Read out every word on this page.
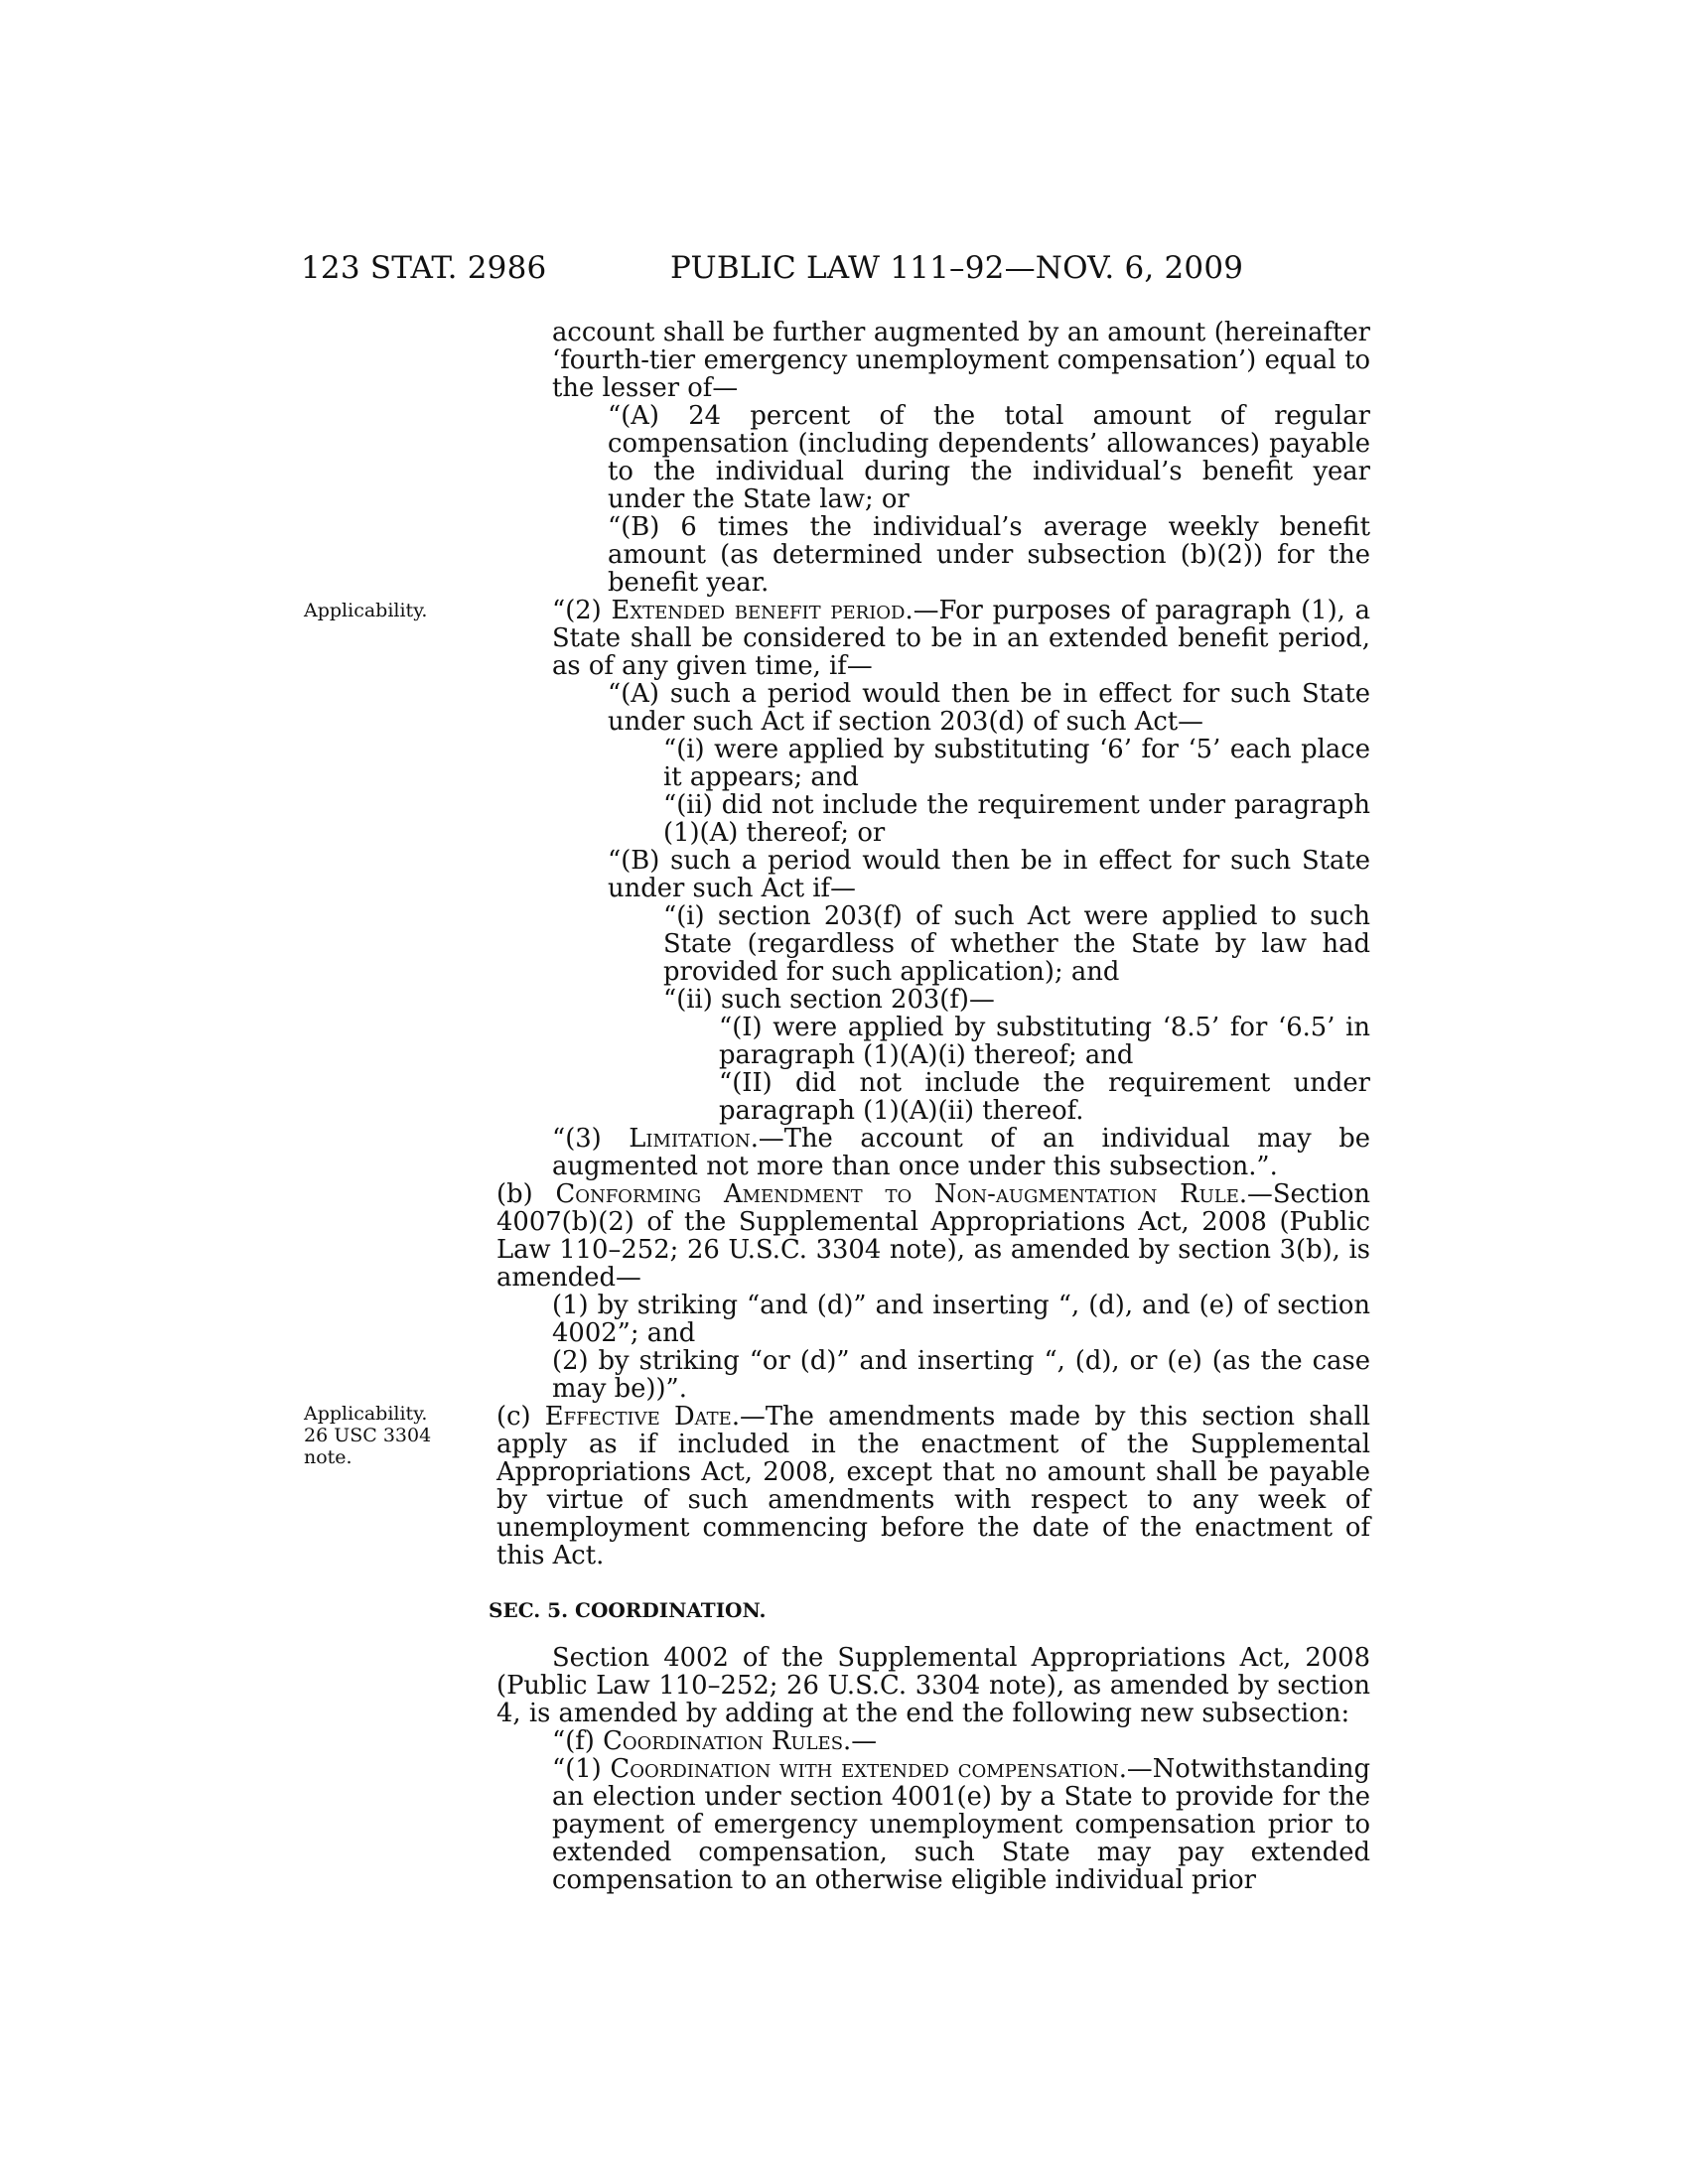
123 STAT. 2986	PUBLIC LAW 111–92—NOV. 6, 2009
Applicability.
Applicability.
26 USC 3304
note.

account shall be further augmented by an amount (hereinafter ‘fourth-tier emergency unemployment compensation’) equal to the lesser of—

“(A) 24 percent of the total amount of regular compensation (including dependents’ allowances) payable to the individual during the individual’s benefit year under the State law; or

“(B) 6 times the individual’s average weekly benefit amount (as determined under subsection (b)(2)) for the benefit year.

“(2) Extended benefit period.—For purposes of paragraph (1), a State shall be considered to be in an extended benefit period, as of any given time, if—

“(A) such a period would then be in effect for such State under such Act if section 203(d) of such Act—

“(i) were applied by substituting ‘6’ for ‘5’ each place it appears; and

“(ii) did not include the requirement under paragraph (1)(A) thereof; or

“(B) such a period would then be in effect for such State under such Act if—

“(i) section 203(f) of such Act were applied to such State (regardless of whether the State by law had provided for such application); and

“(ii) such section 203(f)—

“(I) were applied by substituting ‘8.5’ for ‘6.5’ in paragraph (1)(A)(i) thereof; and

“(II) did not include the requirement under paragraph (1)(A)(ii) thereof.

“(3) Limitation.—The account of an individual may be augmented not more than once under this subsection.”.

(b) Conforming Amendment to Non-augmentation Rule.—Section 4007(b)(2) of the Supplemental Appropriations Act, 2008 (Public Law 110–252; 26 U.S.C. 3304 note), as amended by section 3(b), is amended—

(1) by striking “and (d)” and inserting “, (d), and (e) of section 4002”; and

(2) by striking “or (d)” and inserting “, (d), or (e) (as the case may be))”.

(c) Effective Date.—The amendments made by this section shall apply as if included in the enactment of the Supplemental Appropriations Act, 2008, except that no amount shall be payable by virtue of such amendments with respect to any week of unemployment commencing before the date of the enactment of this Act.

SEC. 5. COORDINATION.

Section 4002 of the Supplemental Appropriations Act, 2008 (Public Law 110–252; 26 U.S.C. 3304 note), as amended by section 4, is amended by adding at the end the following new subsection:

“(f) Coordination Rules.—

“(1) Coordination with extended compensation.—Notwithstanding an election under section 4001(e) by a State to provide for the payment of emergency unemployment compensation prior to extended compensation, such State may pay extended compensation to an otherwise eligible individual prior
